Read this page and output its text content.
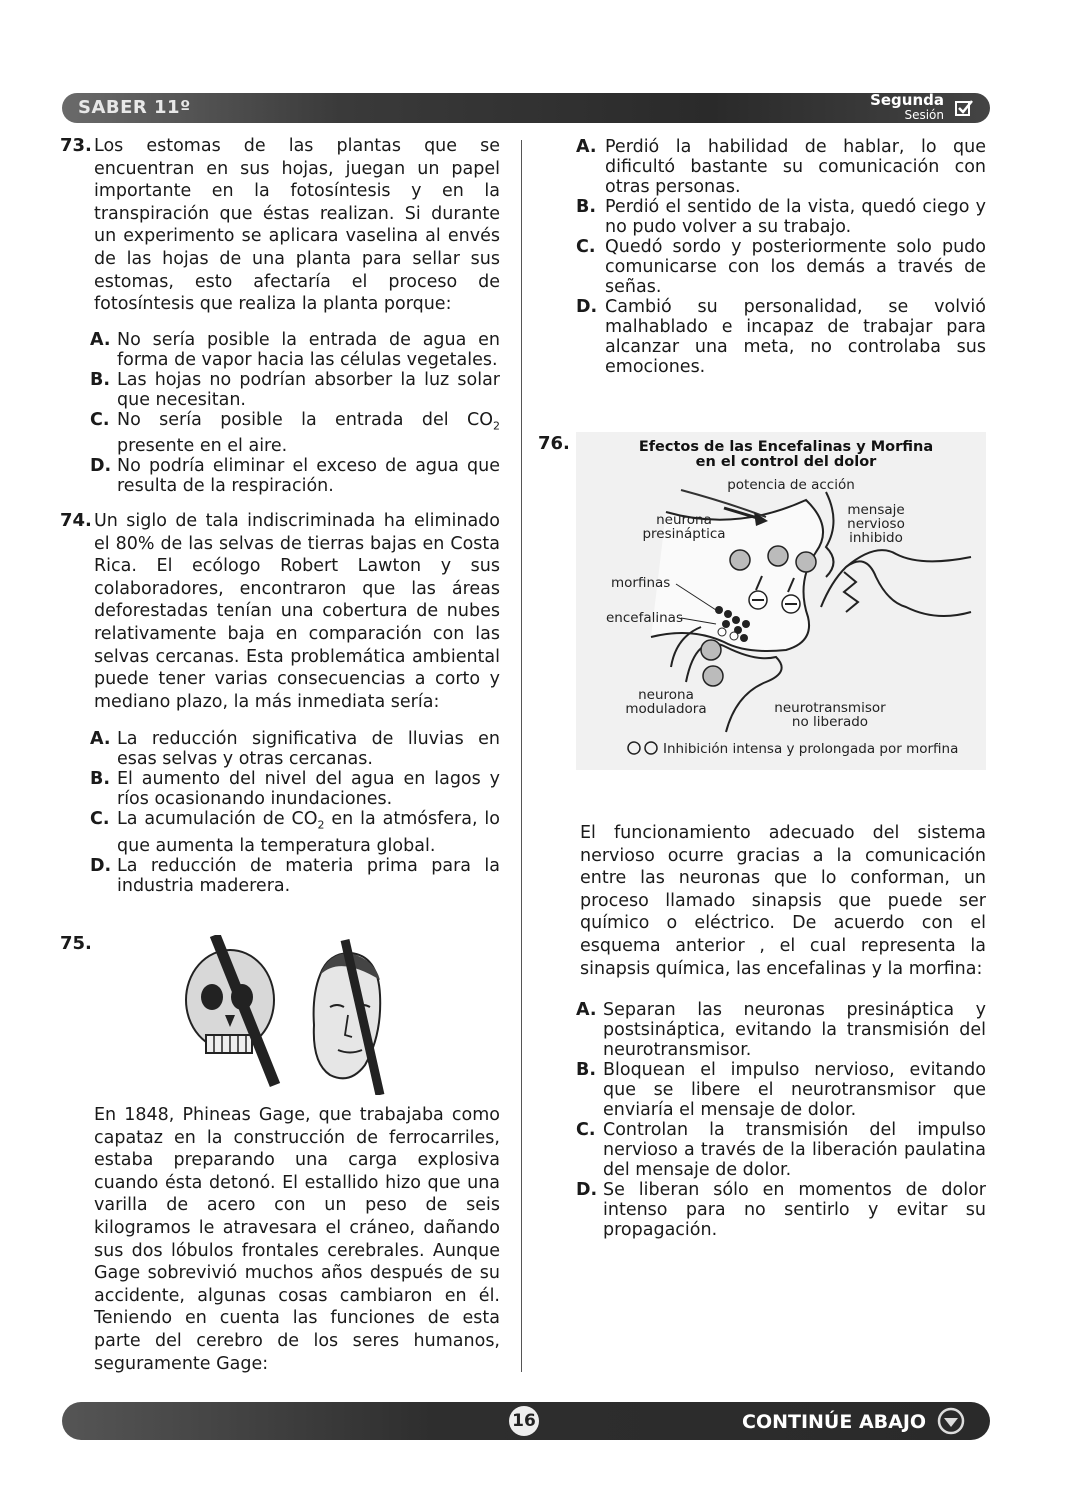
SABER 11º	Segunda
Sesión
73. Los estomas de las plantas que se encuentran en sus hojas, juegan un papel importante en la fotosíntesis y en la transpiración que éstas realizan. Si durante un experimento se aplicara vaselina al envés de las hojas de una planta para sellar sus estomas, esto afectaría el proceso de fotosíntesis que realiza la planta porque:

A. No sería posible la entrada de agua en forma de vapor hacia las células vegetales.
B. Las hojas no podrían absorber la luz solar que necesitan.
C. No sería posible la entrada del $CO_2$ presente en el aire.
D. No podría eliminar el exceso de agua que resulta de la respiración.
74. Un siglo de tala indiscriminada ha eliminado el 80% de las selvas de tierras bajas en Costa Rica. El ecólogo Robert Lawton y sus colaboradores, encontraron que las áreas deforestadas tenían una cobertura de nubes relativamente baja en comparación con las selvas cercanas. Esta problemática ambiental puede tener varias consecuencias a corto y mediano plazo, la más inmediata sería:

A. La reducción significativa de lluvias en esas selvas y otras cercanas.
B. El aumento del nivel del agua en lagos y ríos ocasionando inundaciones.
C. La acumulación de $CO_2$ en la atmósfera, lo que aumenta la temperatura global.
D. La reducción de materia prima para la industria maderera.
75.

En 1848, Phineas Gage, que trabajaba como capataz en la construcción de ferrocarriles, estaba preparando una carga explosiva cuando ésta detonó. El estallido hizo que una varilla de acero con un peso de seis kilogramos le atravesara el cráneo, dañando sus dos lóbulos frontales cerebrales. Aunque Gage sobrevivió muchos años después de su accidente, algunas cosas cambiaron en él. Teniendo en cuenta las funciones de esta parte del cerebro de los seres humanos, seguramente Gage:

A. Perdió la habilidad de hablar, lo que dificultó bastante su comunicación con otras personas.
B. Perdió el sentido de la vista, quedó ciego y no pudo volver a su trabajo.
C. Quedó sordo y posteriormente solo pudo comunicarse con los demás a través de señas.
D. Cambió su personalidad, se volvió malhablado e incapaz de trabajar para alcanzar una meta, no controlaba sus emociones.
76.	Efectos de las Encefalinas y Morfina
en el control del dolor
potencia de acción
neurona
presináptica
mensaje
nervioso
inhibido
morfinas
encefalinas
neurona
moduladora	neurotransmisor
no liberado
Inhibición intensa y prolongada por morfina

El funcionamiento adecuado del sistema nervioso ocurre gracias a la comunicación entre las neuronas que lo conforman, un proceso llamado sinapsis que puede ser químico o eléctrico. De acuerdo con el esquema anterior , el cual representa la sinapsis química, las encefalinas y la morfina:

A. Separan las neuronas presináptica y postsináptica, evitando la transmisión del neurotransmisor.
B. Bloquean el impulso nervioso, evitando que se libere el neurotransmisor que enviaría el mensaje de dolor.
C. Controlan la transmisión del impulso nervioso a través de la liberación paulatina del mensaje de dolor.
D. Se liberan sólo en momentos de dolor intenso para no sentirlo y evitar su propagación.
16	CONTINÚE ABAJO
